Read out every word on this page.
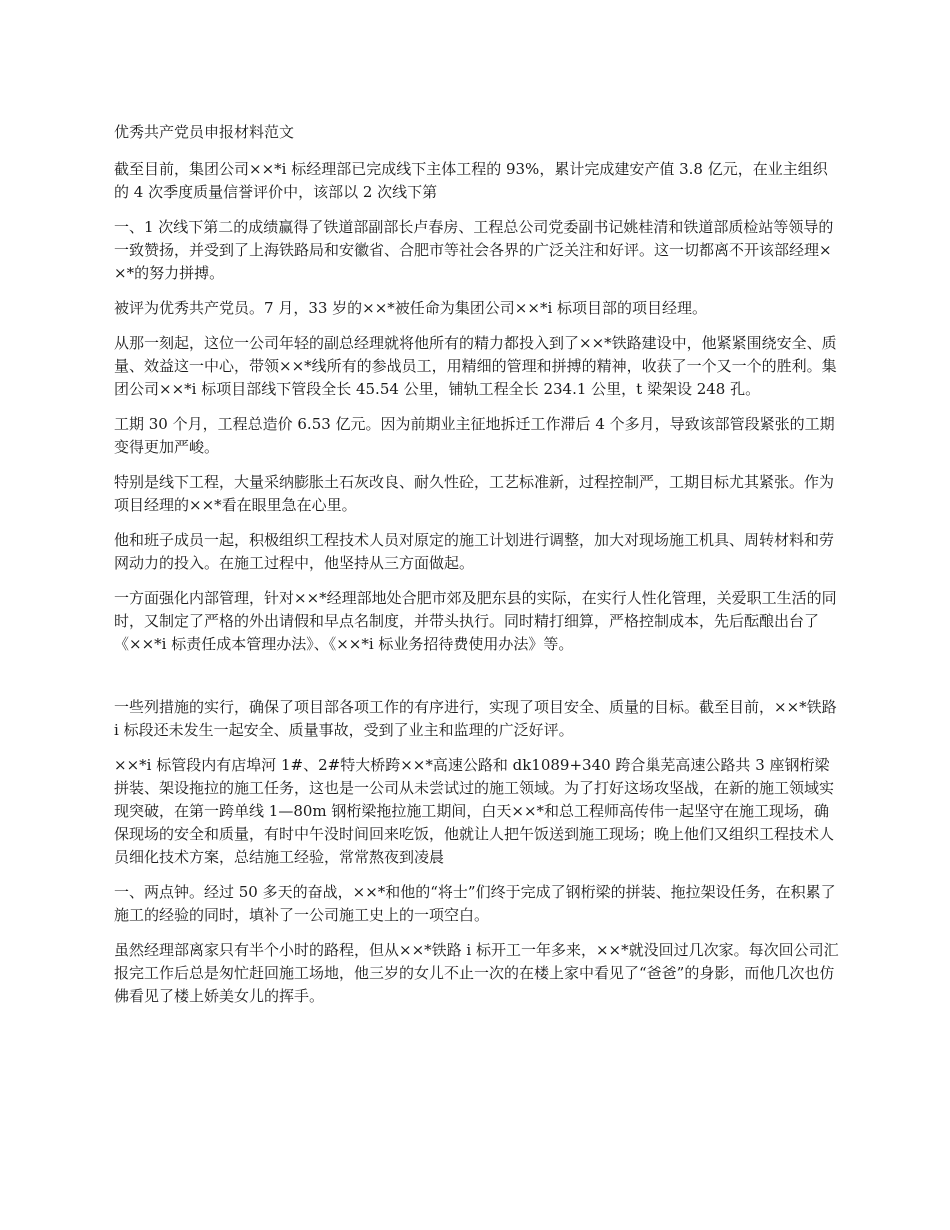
优秀共产党员申报材料范文

截至目前，集团公司××*i 标经理部已完成线下主体工程的 93%，累计完成建安产值 3.8 亿元，在业主组织的 4 次季度质量信誉评价中，该部以 2 次线下第

一、1 次线下第二的成绩赢得了铁道部副部长卢春房、工程总公司党委副书记姚桂清和铁道部质检站等领导的一致赞扬，并受到了上海铁路局和安徽省、合肥市等社会各界的广泛关注和好评。这一切都离不开该部经理××*的努力拼搏。

被评为优秀共产党员。7 月，33 岁的××*被任命为集团公司××*i 标项目部的项目经理。

从那一刻起，这位一公司年轻的副总经理就将他所有的精力都投入到了××*铁路建设中，他紧紧围绕安全、质量、效益这一中心，带领××*线所有的参战员工，用精细的管理和拼搏的精神，收获了一个又一个的胜利。集团公司××*i 标项目部线下管段全长 45.54 公里，铺轨工程全长 234.1 公里，t 梁架设 248 孔。

工期 30 个月，工程总造价 6.53 亿元。因为前期业主征地拆迁工作滞后 4 个多月，导致该部管段紧张的工期变得更加严峻。

特别是线下工程，大量采纳膨胀土石灰改良、耐久性砼，工艺标准新，过程控制严，工期目标尤其紧张。作为项目经理的××*看在眼里急在心里。

他和班子成员一起，积极组织工程技术人员对原定的施工计划进行调整，加大对现场施工机具、周转材料和劳网动力的投入。在施工过程中，他坚持从三方面做起。

一方面强化内部管理，针对××*经理部地处合肥市郊及肥东县的实际，在实行人性化管理，关爱职工生活的同时，又制定了严格的外出请假和早点名制度，并带头执行。同时精打细算，严格控制成本，先后酝酿出台了《××*i 标责任成本管理办法》、《××*i 标业务招待费使用办法》等。

一些列措施的实行，确保了项目部各项工作的有序进行，实现了项目安全、质量的目标。截至目前，××*铁路 i 标段还未发生一起安全、质量事故，受到了业主和监理的广泛好评。

××*i 标管段内有店埠河 1#、2#特大桥跨××*高速公路和 dk1089+340 跨合巢芜高速公路共 3 座钢桁梁拼装、架设拖拉的施工任务，这也是一公司从未尝试过的施工领域。为了打好这场攻坚战，在新的施工领域实现突破，在第一跨单线 1—80m 钢桁梁拖拉施工期间，白天××*和总工程师高传伟一起坚守在施工现场，确保现场的安全和质量，有时中午没时间回来吃饭，他就让人把午饭送到施工现场；晚上他们又组织工程技术人员细化技术方案，总结施工经验，常常熬夜到凌晨

一、两点钟。经过 50 多天的奋战，××*和他的“将士”们终于完成了钢桁梁的拼装、拖拉架设任务，在积累了施工的经验的同时，填补了一公司施工史上的一项空白。

虽然经理部离家只有半个小时的路程，但从××*铁路 i 标开工一年多来，××*就没回过几次家。每次回公司汇报完工作后总是匆忙赶回施工场地，他三岁的女儿不止一次的在楼上家中看见了“爸爸”的身影，而他几次也仿佛看见了楼上娇美女儿的挥手。
